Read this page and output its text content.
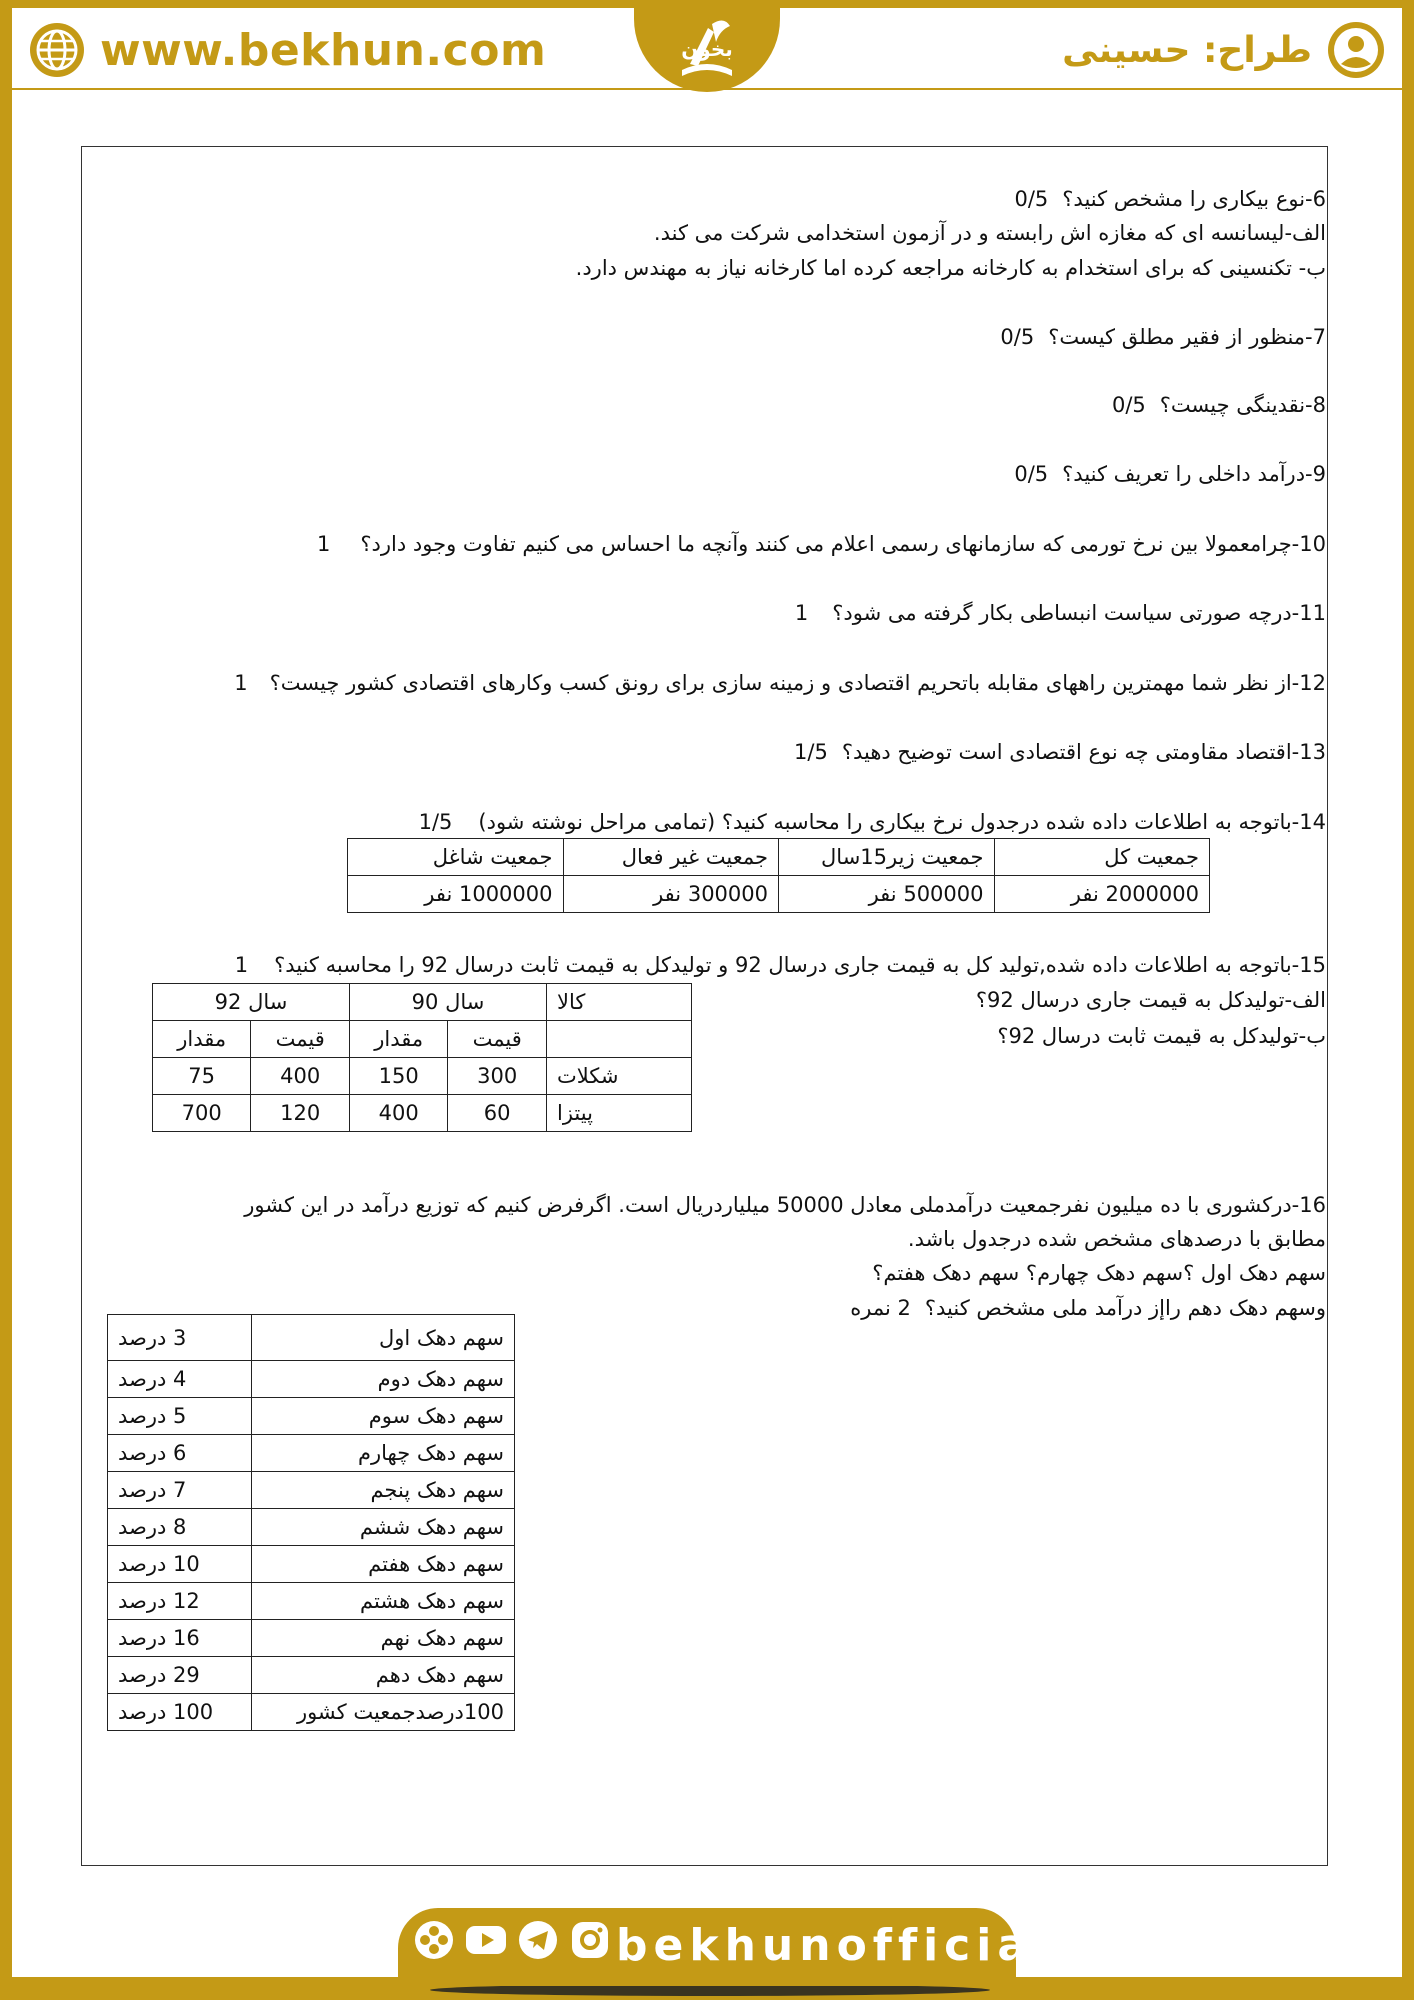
www.bekhun.com	بخون	طراح: حسینی
6-نوع بیکاری را مشخص کنید؟0/5
الف-لیسانسه ای که مغازه اش رابسته و در آزمون استخدامی شرکت می کند.
ب- تکنسینی که برای استخدام به کارخانه مراجعه کرده اما کارخانه نیاز به مهندس دارد.
7-منظور از فقیر مطلق کیست؟0/5
8-نقدینگی چیست؟0/5
9-درآمد داخلی را تعریف کنید؟0/5
10-چرامعمولا بین نرخ تورمی که سازمانهای رسمی اعلام می کنند وآنچه ما احساس می کنیم تفاوت وجود دارد؟1
11-درچه صورتی سیاست انبساطی بکار گرفته می شود؟1
12-از نظر شما مهمترین راههای مقابله باتحریم اقتصادی و زمینه سازی برای رونق کسب وکارهای اقتصادی کشور چیست؟1
13-اقتصاد مقاومتی چه نوع اقتصادی است توضیح دهید؟1/5
14-باتوجه به اطلاعات داده شده درجدول نرخ بیکاری را محاسبه کنید؟ (تمامی مراحل نوشته شود)1/5
جمعیت کل	جمعیت زیر15سال	جمعیت غیر فعال	جمعیت شاغل
2000000 نفر	500000 نفر	300000 نفر	1000000 نفر
15-باتوجه به اطلاعات داده شده,تولید کل به قیمت جاری درسال 92 و تولیدکل به قیمت ثابت درسال 92 را محاسبه کنید؟1
الف-تولیدکل به قیمت جاری درسال 92؟
ب-تولیدکل به قیمت ثابت درسال 92؟
کالا	سال 90		سال 92	
	قیمت	مقدار	قیمت	مقدار
شکلات	300	150	400	75
پیتزا	60	400	120	700
16-درکشوری با ده میلیون نفرجمعیت درآمدملی معادل 50000 میلیاردریال است. اگرفرض کنیم که توزیع درآمد در این کشور
مطابق با درصدهای مشخص شده درجدول باشد.
سهم دهک اول ؟سهم دهک چهارم؟ سهم دهک هفتم؟
وسهم دهک دهم راإز درآمد ملی مشخص کنید؟2 نمره
سهم دهک اول	3 درصد
سهم دهک دوم	4 درصد
سهم دهک سوم	5 درصد
سهم دهک چهارم	6 درصد
سهم دهک پنجم	7 درصد
سهم دهک ششم	8 درصد
سهم دهک هفتم	10 درصد
سهم دهک هشتم	12 درصد
سهم دهک نهم	16 درصد
سهم دهک دهم	29 درصد
100درصدجمعیت کشور	100 درصد
bekhunofficial
